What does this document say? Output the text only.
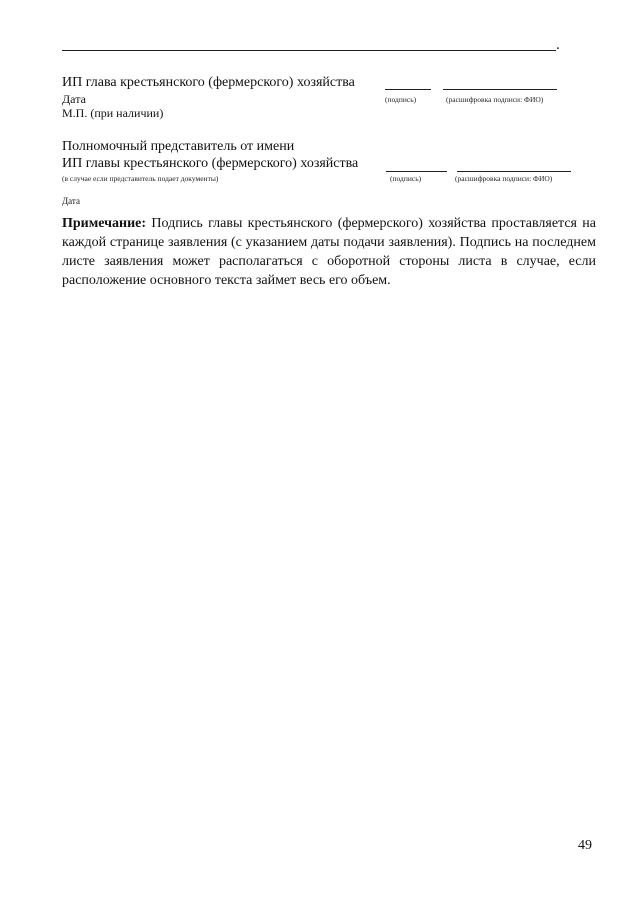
.
ИП глава крестьянского (фермерского) хозяйства
Дата	(подпись)	(расшифровка подписи: ФИО)
М.П. (при наличии)
Полномочный представитель от имени
ИП главы крестьянского (фермерского) хозяйства
(в случае если представитель подает документы)	(подпись)	(расшифровка подписи: ФИО)
Дата
Примечание: Подпись главы крестьянского (фермерского) хозяйства проставляется на каждой странице заявления (с указанием даты подачи заявления). Подпись на последнем листе заявления может располагаться с оборотной стороны листа в случае, если расположение основного текста займет весь его объем.
49
